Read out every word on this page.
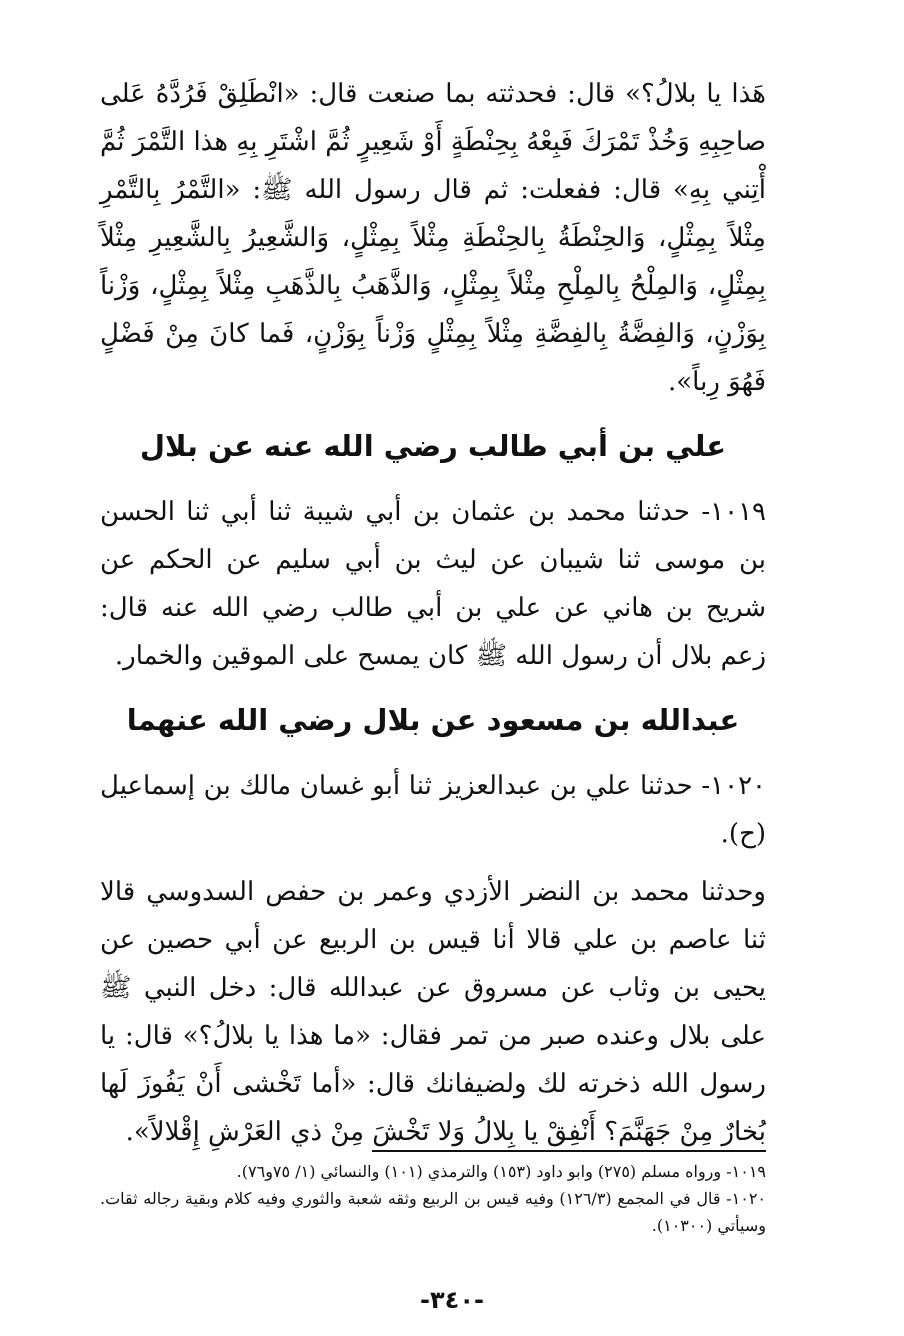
هَذا يا بلالُ؟» قال: فحدثته بما صنعت قال: «انْطَلِقْ فَرُدَّهُ عَلى صاحِبِهِ وَخُذْ تَمْرَكَ فَبِعْهُ بِحِنْطَةٍ أَوْ شَعِيرٍ ثُمَّ اشْتَرِ بِهِ هذا التَّمْرَ ثُمَّ أْتِني بِهِ» قال: ففعلت: ثم قال رسول الله ﷺ: «التَّمْرُ بِالتَّمْرِ مِثْلاً بِمِثْلٍ، وَالحِنْطَةُ بِالحِنْطَةِ مِثْلاً بِمِثْلٍ، وَالشَّعِيرُ بِالشَّعِيرِ مِثْلاً بِمِثْلٍ، وَالمِلْحُ بِالمِلْحِ مِثْلاً بِمِثْلٍ، وَالذَّهَبُ بِالذَّهَبِ مِثْلاً بِمِثْلٍ، وَزْناً بِوَزْنٍ، وَالفِضَّةُ بِالفِضَّةِ مِثْلاً بِمِثْلٍ وَزْناً بِوَزْنٍ، فَما كانَ مِنْ فَضْلٍ فَهُوَ رِباً».

علي بن أبي طالب رضي الله عنه عن بلال

١٠١٩- حدثنا محمد بن عثمان بن أبي شيبة ثنا أبي ثنا الحسن بن موسى ثنا شيبان عن ليث بن أبي سليم عن الحكم عن شريح بن هاني عن علي بن أبي طالب رضي الله عنه قال: زعم بلال أن رسول الله ﷺ كان يمسح على الموقين والخمار.

عبدالله بن مسعود عن بلال رضي الله عنهما

١٠٢٠- حدثنا علي بن عبدالعزيز ثنا أبو غسان مالك بن إسماعيل (ح).

وحدثنا محمد بن النضر الأزدي وعمر بن حفص السدوسي قالا ثنا عاصم بن علي قالا أنا قيس بن الربيع عن أبي حصين عن يحيى بن وثاب عن مسروق عن عبدالله قال: دخل النبي ﷺ على بلال وعنده صبر من تمر فقال: «ما هذا يا بلالُ؟» قال: يا رسول الله ذخرته لك ولضيفانك قال: «أما تَخْشى أَنْ يَفُوزَ لَها بُخارٌ مِنْ جَهَنَّمَ؟ أَنْفِقْ يا بِلالُ وَلا تَخْشَ مِنْ ذي العَرْشِ إِقْلالاً».

١٠١٩- ورواه مسلم (٢٧٥) وابو داود (١٥٣) والترمذي (١٠١) والنسائي (١/ ٧٥و٧٦).

١٠٢٠- قال في المجمع (١٢٦/٣) وفيه قيس بن الربيع وثقه شعبة والثوري وفيه كلام وبقية رجاله ثقات. وسيأتي (١٠٣٠٠).

-٣٤٠-
